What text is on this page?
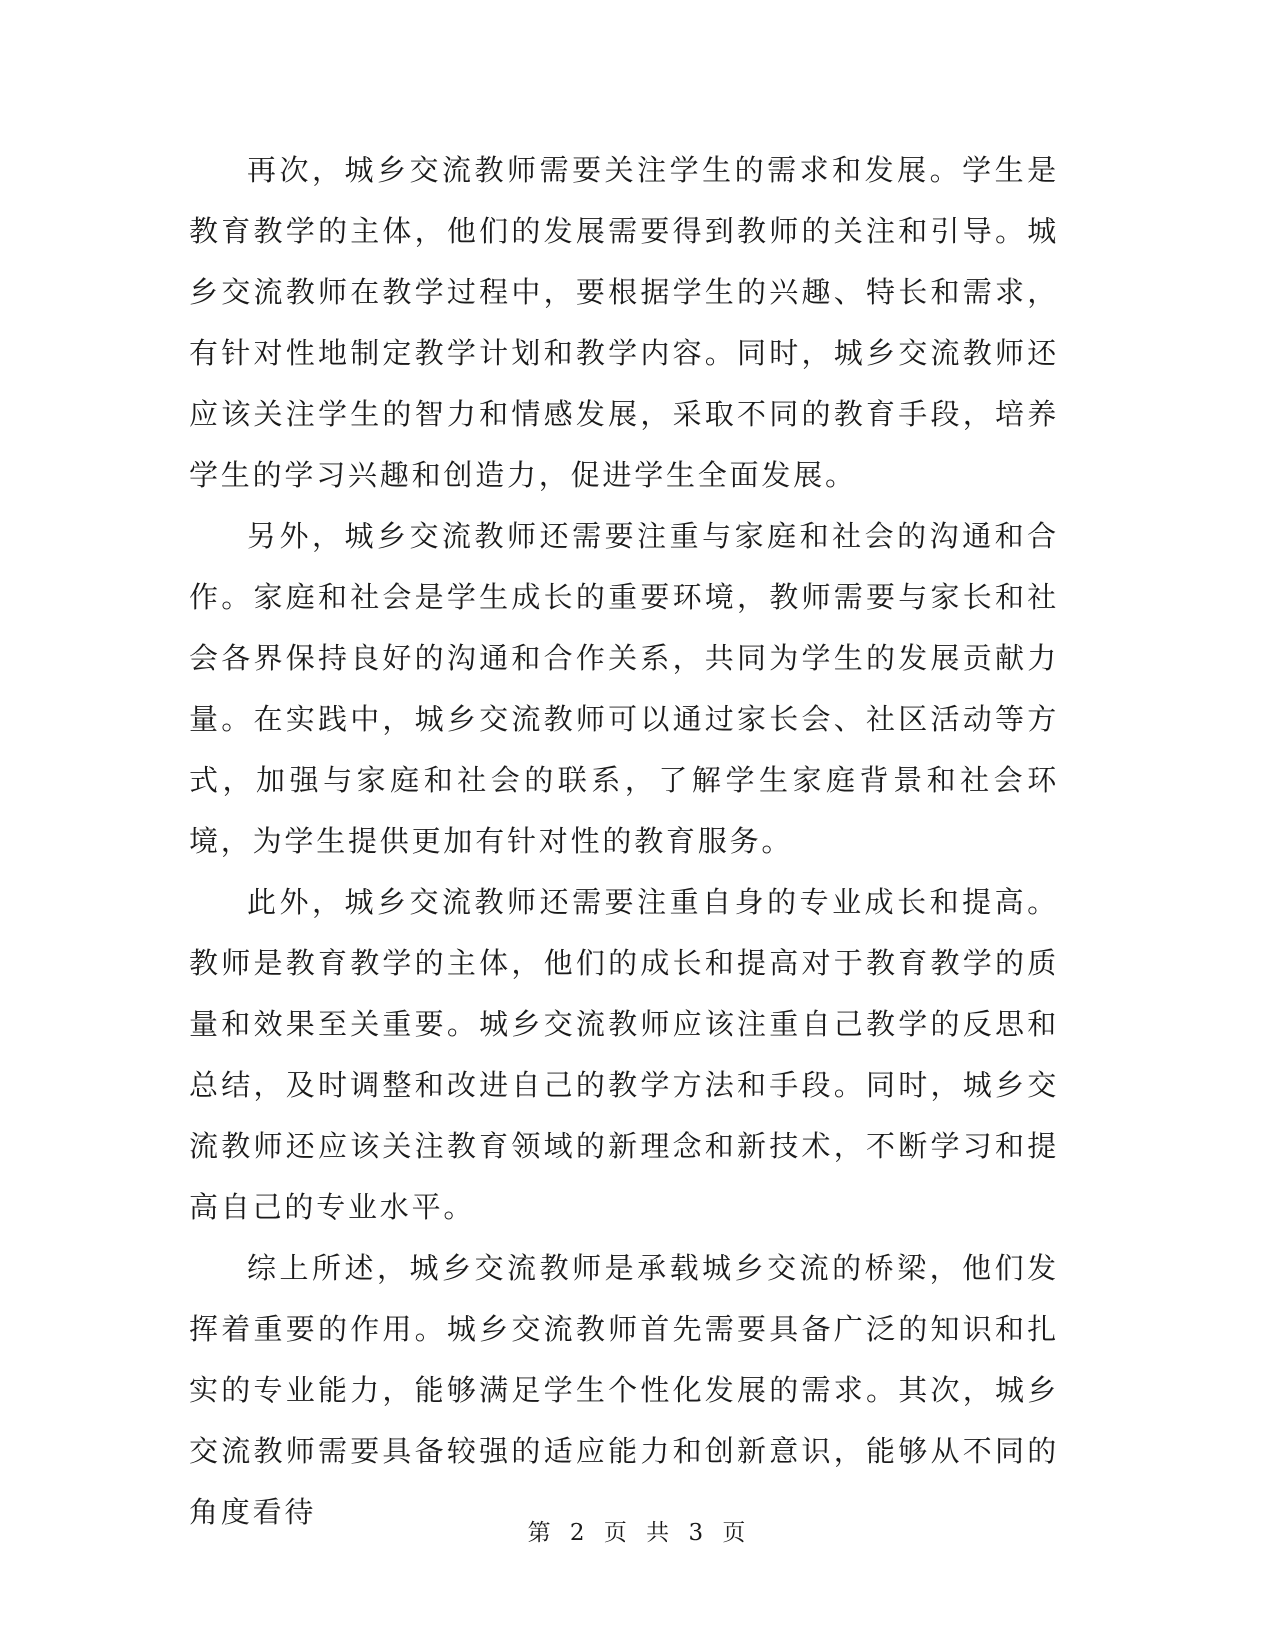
再次，城乡交流教师需要关注学生的需求和发展。学生是教育教学的主体，他们的发展需要得到教师的关注和引导。城乡交流教师在教学过程中，要根据学生的兴趣、特长和需求，有针对性地制定教学计划和教学内容。同时，城乡交流教师还应该关注学生的智力和情感发展，采取不同的教育手段，培养学生的学习兴趣和创造力，促进学生全面发展。

另外，城乡交流教师还需要注重与家庭和社会的沟通和合作。家庭和社会是学生成长的重要环境，教师需要与家长和社会各界保持良好的沟通和合作关系，共同为学生的发展贡献力量。在实践中，城乡交流教师可以通过家长会、社区活动等方式，加强与家庭和社会的联系，了解学生家庭背景和社会环境，为学生提供更加有针对性的教育服务。

此外，城乡交流教师还需要注重自身的专业成长和提高。教师是教育教学的主体，他们的成长和提高对于教育教学的质量和效果至关重要。城乡交流教师应该注重自己教学的反思和总结，及时调整和改进自己的教学方法和手段。同时，城乡交流教师还应该关注教育领域的新理念和新技术，不断学习和提高自己的专业水平。

综上所述，城乡交流教师是承载城乡交流的桥梁，他们发挥着重要的作用。城乡交流教师首先需要具备广泛的知识和扎实的专业能力，能够满足学生个性化发展的需求。其次，城乡交流教师需要具备较强的适应能力和创新意识，能够从不同的角度看待

第 2 页 共 3 页
